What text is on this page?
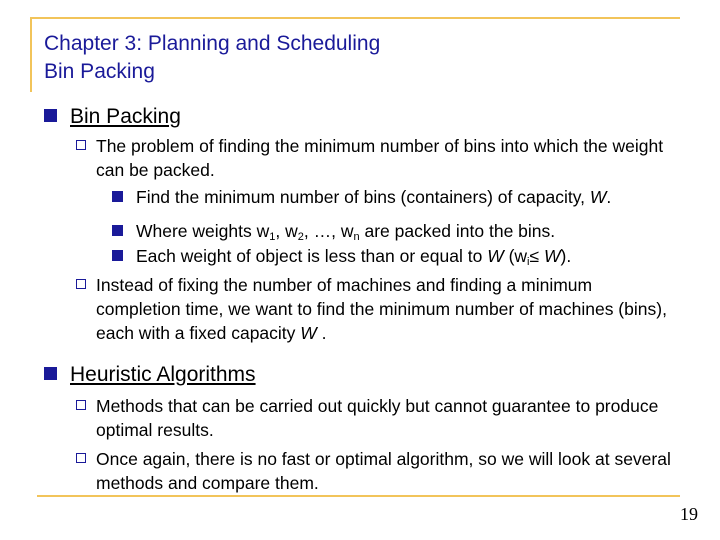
Chapter 3: Planning and Scheduling
Bin Packing
Bin Packing
The problem of finding the minimum number of bins into which the weight can be packed.
Find the minimum number of bins (containers) of capacity, W.
Where weights $w_1$, $w_2$, …, $w_n$ are packed into the bins.
Each weight of object is less than or equal to W $(w_i\le W)$.
Instead of fixing the number of machines and finding a minimum completion time, we want to find the minimum number of machines (bins), each with a fixed capacity W .
Heuristic Algorithms
Methods that can be carried out quickly but cannot guarantee to produce optimal results.
Once again, there is no fast or optimal algorithm, so we will look at several methods and compare them.
19
